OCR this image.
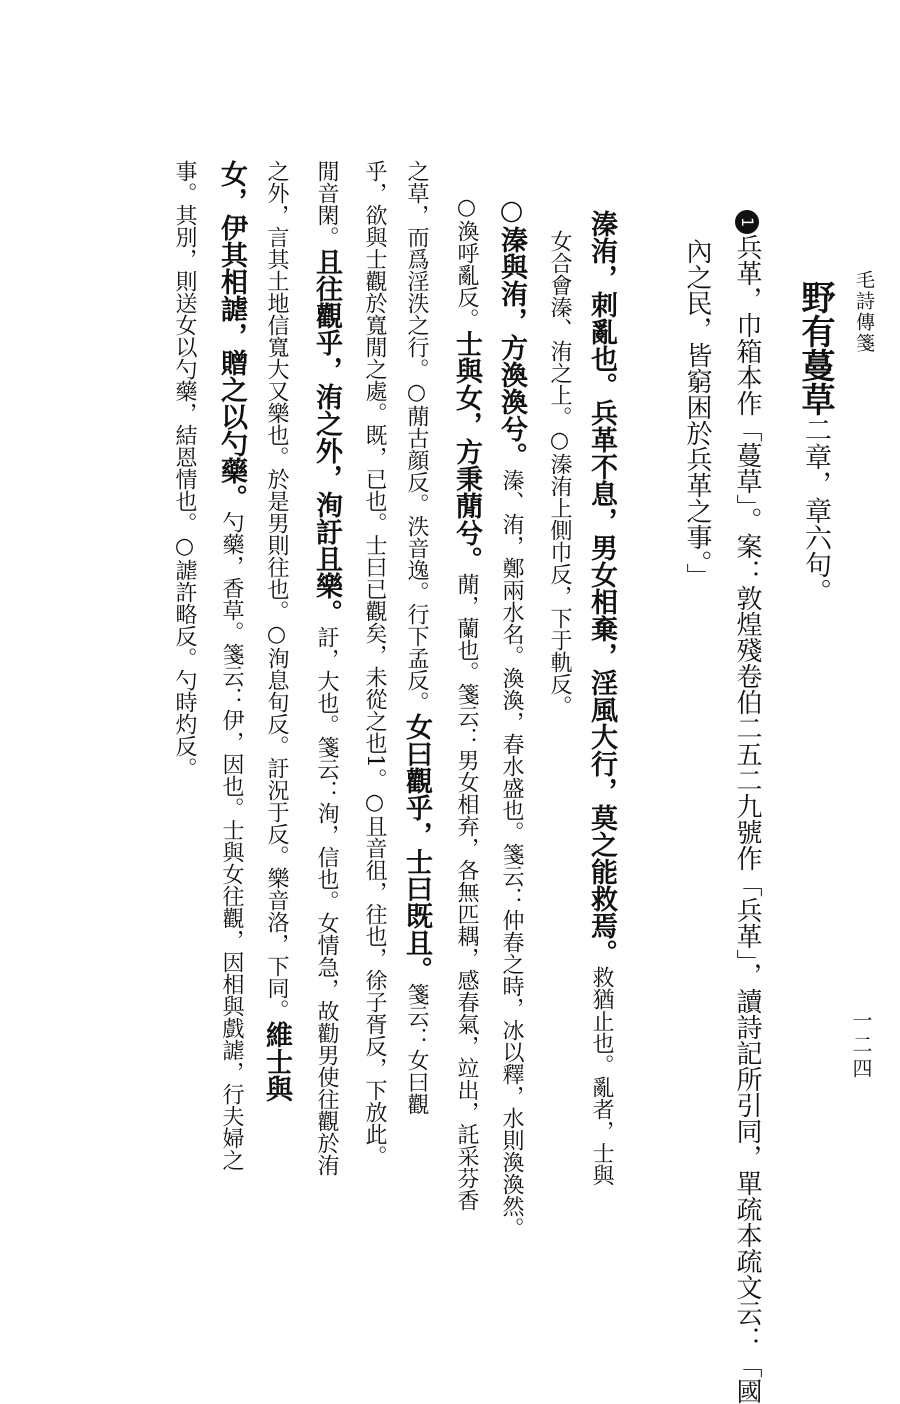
毛詩傳箋
一二四
野有蔓草二章，章六句。
1兵革，巾箱本作「蔓草」。案：敦煌殘卷伯二五二九號作「兵革」，讀詩記所引同，單疏本疏文云：「國
內之民，皆窮困於兵革之事。」
溱洧，刺亂也。兵革不息，男女相棄，淫風大行，莫之能救焉。救猶止也。亂者，士與
女合會溱、洧之上。○溱洧上側巾反，下于軌反。
○溱與洧，方渙渙兮。溱、洧，鄭兩水名。渙渙，春水盛也。箋云：仲春之時，冰以釋，水則渙渙然。
○渙呼亂反。士與女，方秉蕑兮。蕑，蘭也。箋云：男女相弃，各無匹耦，感春氣，竝出，託采芬香
之草，而爲淫泆之行。○蕑古顔反。泆音逸。行下孟反。女曰觀乎，士曰既且。箋云：女曰觀
乎，欲與士觀於寬閒之處。既，已也。士曰已觀矣，未從之也1。○且音徂，往也，徐子胥反，下放此。
閒音閑。且往觀乎，洧之外，洵訏且樂。訏，大也。箋云：洵，信也。女情急，故勸男使往觀於洧
之外，言其土地信寬大又樂也。於是男則往也。○洵息旬反。訏況于反。樂音洛，下同。維士與
女，伊其相謔，贈之以勺藥。勺藥，香草。箋云：伊，因也。士與女往觀，因相與戲謔，行夫婦之
事。其別，則送女以勺藥，結恩情也。○謔許略反。勺時灼反。
